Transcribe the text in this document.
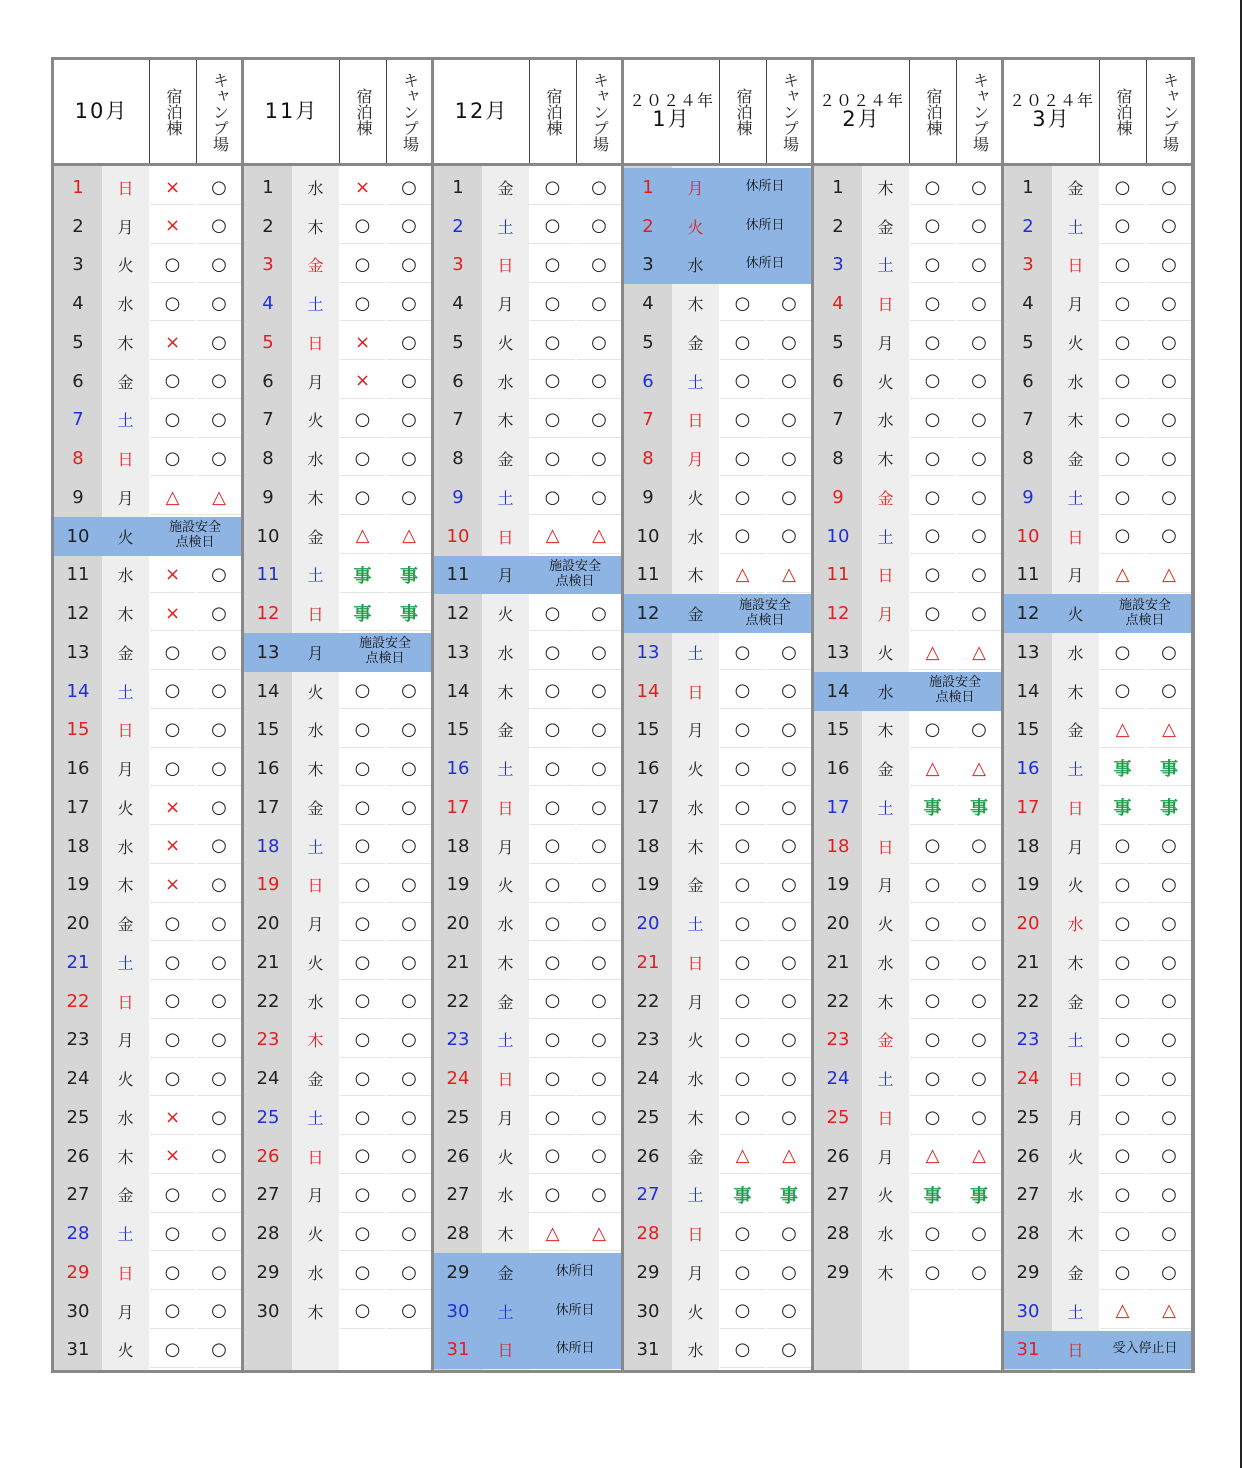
10月 宿泊棟 キャンプ場
1	日	×	○
2	月	×	○
3	火	○	○
4	水	○	○
5	木	×	○
6	金	○	○
7	土	○	○
8	日	○	○
9	月	△	△
10	火	施設安全
点検日
11	水	×	○
12	木	×	○
13	金	○	○
14	土	○	○
15	日	○	○
16	月	○	○
17	火	×	○
18	水	×	○
19	木	×	○
20	金	○	○
21	土	○	○
22	日	○	○
23	月	○	○
24	火	○	○
25	水	×	○
26	木	×	○
27	金	○	○
28	土	○	○
29	日	○	○
30	月	○	○
31	火	○	○
11月 宿泊棟 キャンプ場
1	水	×	○
2	木	○	○
3	金	○	○
4	土	○	○
5	日	×	○
6	月	×	○
7	火	○	○
8	水	○	○
9	木	○	○
10	金	△	△
11	土	事	事
12	日	事	事
13	月	施設安全
点検日
14	火	○	○
15	水	○	○
16	木	○	○
17	金	○	○
18	土	○	○
19	日	○	○
20	月	○	○
21	火	○	○
22	水	○	○
23	木	○	○
24	金	○	○
25	土	○	○
26	日	○	○
27	月	○	○
28	火	○	○
29	水	○	○
30	木	○	○
12月 宿泊棟 キャンプ場
1	金	○	○
2	土	○	○
3	日	○	○
4	月	○	○
5	火	○	○
6	水	○	○
7	木	○	○
8	金	○	○
9	土	○	○
10	日	△	△
11	月	施設安全
点検日
12	火	○	○
13	水	○	○
14	木	○	○
15	金	○	○
16	土	○	○
17	日	○	○
18	月	○	○
19	火	○	○
20	水	○	○
21	木	○	○
22	金	○	○
23	土	○	○
24	日	○	○
25	月	○	○
26	火	○	○
27	水	○	○
28	木	△	△
29	金	休所日
30	土	休所日
31	日	休所日
２０２４年
1月	宿泊棟 キャンプ場
1	月	休所日
2	火	休所日
3	水	休所日
4	木	○	○
5	金	○	○
6	土	○	○
7	日	○	○
8	月	○	○
9	火	○	○
10	水	○	○
11	木	△	△
12	金	施設安全
点検日
13	土	○	○
14	日	○	○
15	月	○	○
16	火	○	○
17	水	○	○
18	木	○	○
19	金	○	○
20	土	○	○
21	日	○	○
22	月	○	○
23	火	○	○
24	水	○	○
25	木	○	○
26	金	△	△
27	土	事	事
28	日	○	○
29	月	○	○
30	火	○	○
31	水	○	○
２０２４年
2月	宿泊棟 キャンプ場
1	木	○	○
2	金	○	○
3	土	○	○
4	日	○	○
5	月	○	○
6	火	○	○
7	水	○	○
8	木	○	○
9	金	○	○
10	土	○	○
11	日	○	○
12	月	○	○
13	火	△	△
14	水	施設安全
点検日
15	木	○	○
16	金	△	△
17	土	事	事
18	日	○	○
19	月	○	○
20	火	○	○
21	水	○	○
22	木	○	○
23	金	○	○
24	土	○	○
25	日	○	○
26	月	△	△
27	火	事	事
28	水	○	○
29	木	○	○
２０２４年
3月	宿泊棟 キャンプ場
1	金	○	○
2	土	○	○
3	日	○	○
4	月	○	○
5	火	○	○
6	水	○	○
7	木	○	○
8	金	○	○
9	土	○	○
10	日	○	○
11	月	△	△
12	火	施設安全
点検日
13	水	○	○
14	木	○	○
15	金	△	△
16	土	事	事
17	日	事	事
18	月	○	○
19	火	○	○
20	水	○	○
21	木	○	○
22	金	○	○
23	土	○	○
24	日	○	○
25	月	○	○
26	火	○	○
27	水	○	○
28	木	○	○
29	金	○	○
30	土	△	△
31	日	受入停止日
